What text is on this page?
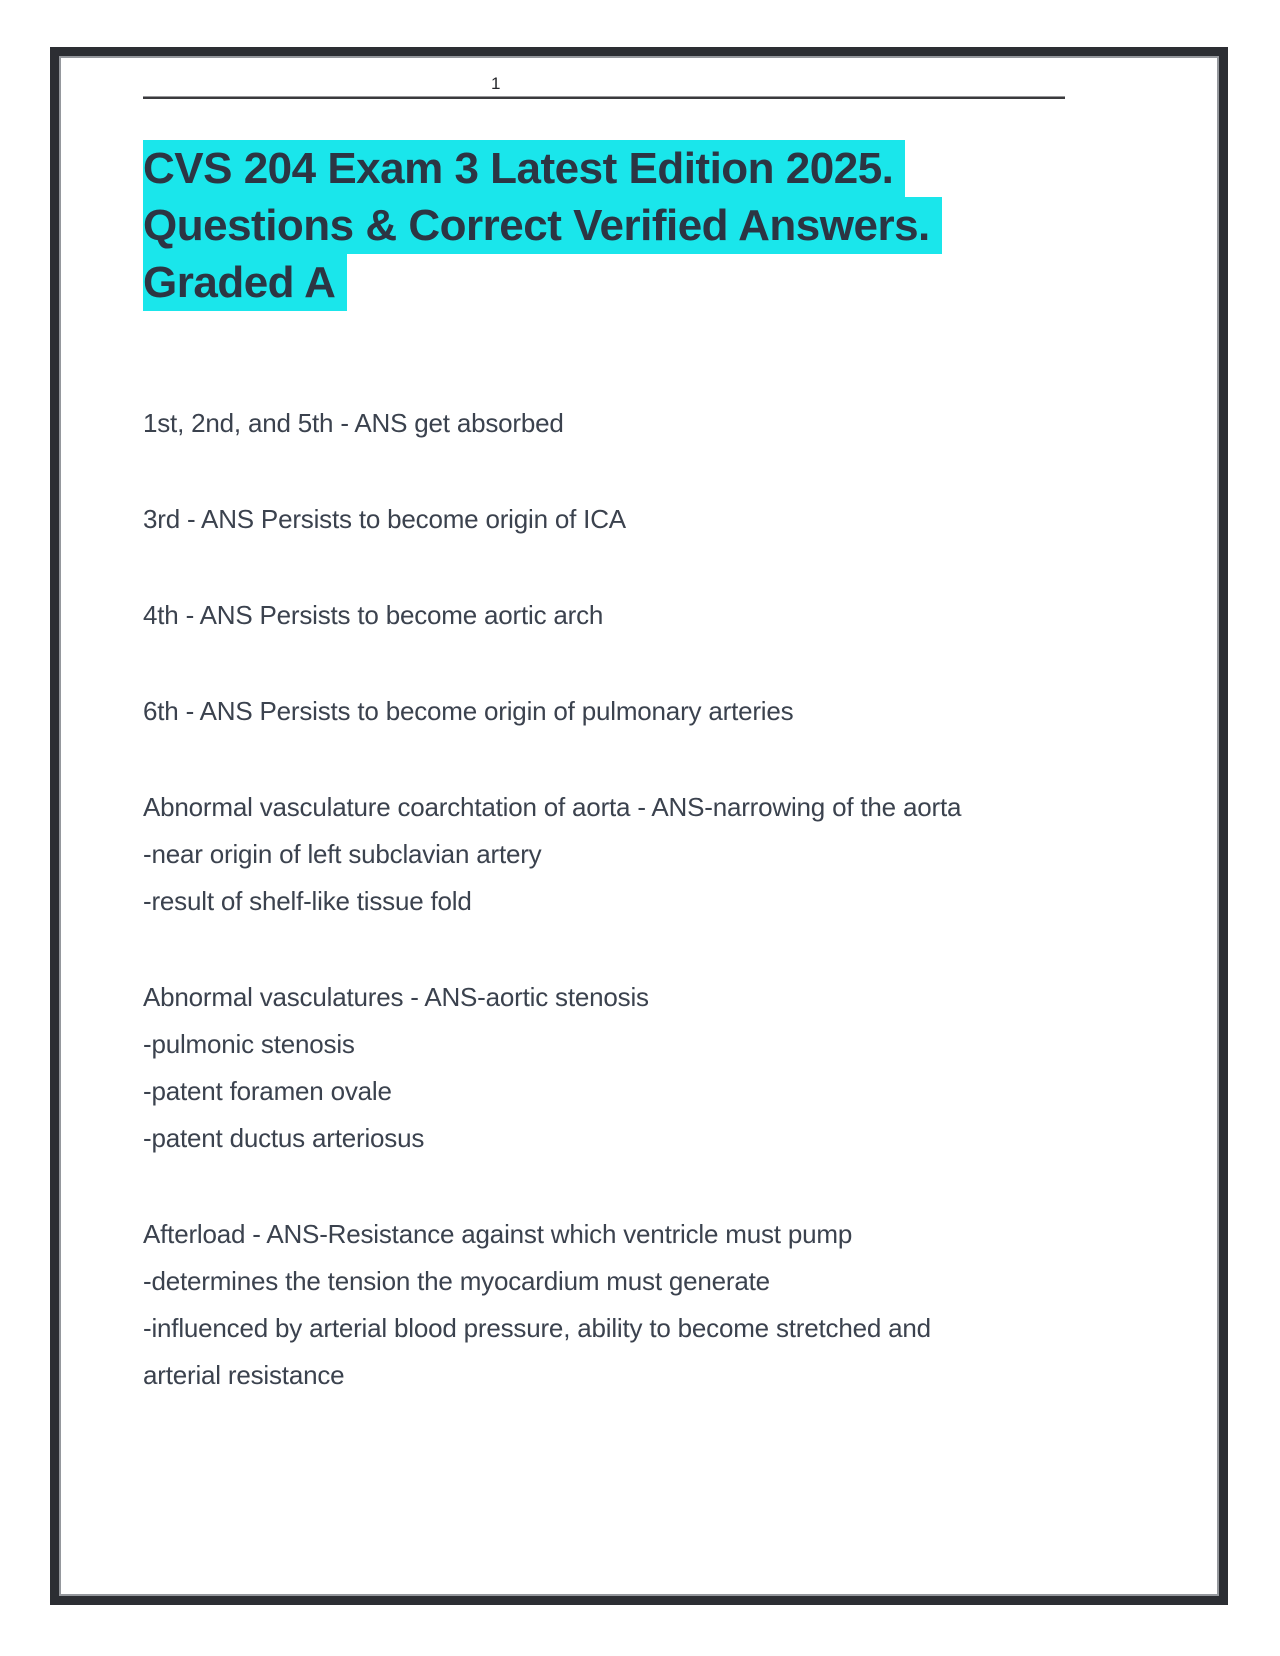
1
CVS 204 Exam 3 Latest Edition 2025.
Questions & Correct Verified Answers.
Graded A
1st, 2nd, and 5th - ANS get absorbed
3rd - ANS Persists to become origin of ICA
4th - ANS Persists to become aortic arch
6th - ANS Persists to become origin of pulmonary arteries
Abnormal vasculature coarchtation of aorta - ANS-narrowing of the aorta
-near origin of left subclavian artery
-result of shelf-like tissue fold
Abnormal vasculatures - ANS-aortic stenosis
-pulmonic stenosis
-patent foramen ovale
-patent ductus arteriosus
Afterload - ANS-Resistance against which ventricle must pump
-determines the tension the myocardium must generate
-influenced by arterial blood pressure, ability to become stretched and
arterial resistance
